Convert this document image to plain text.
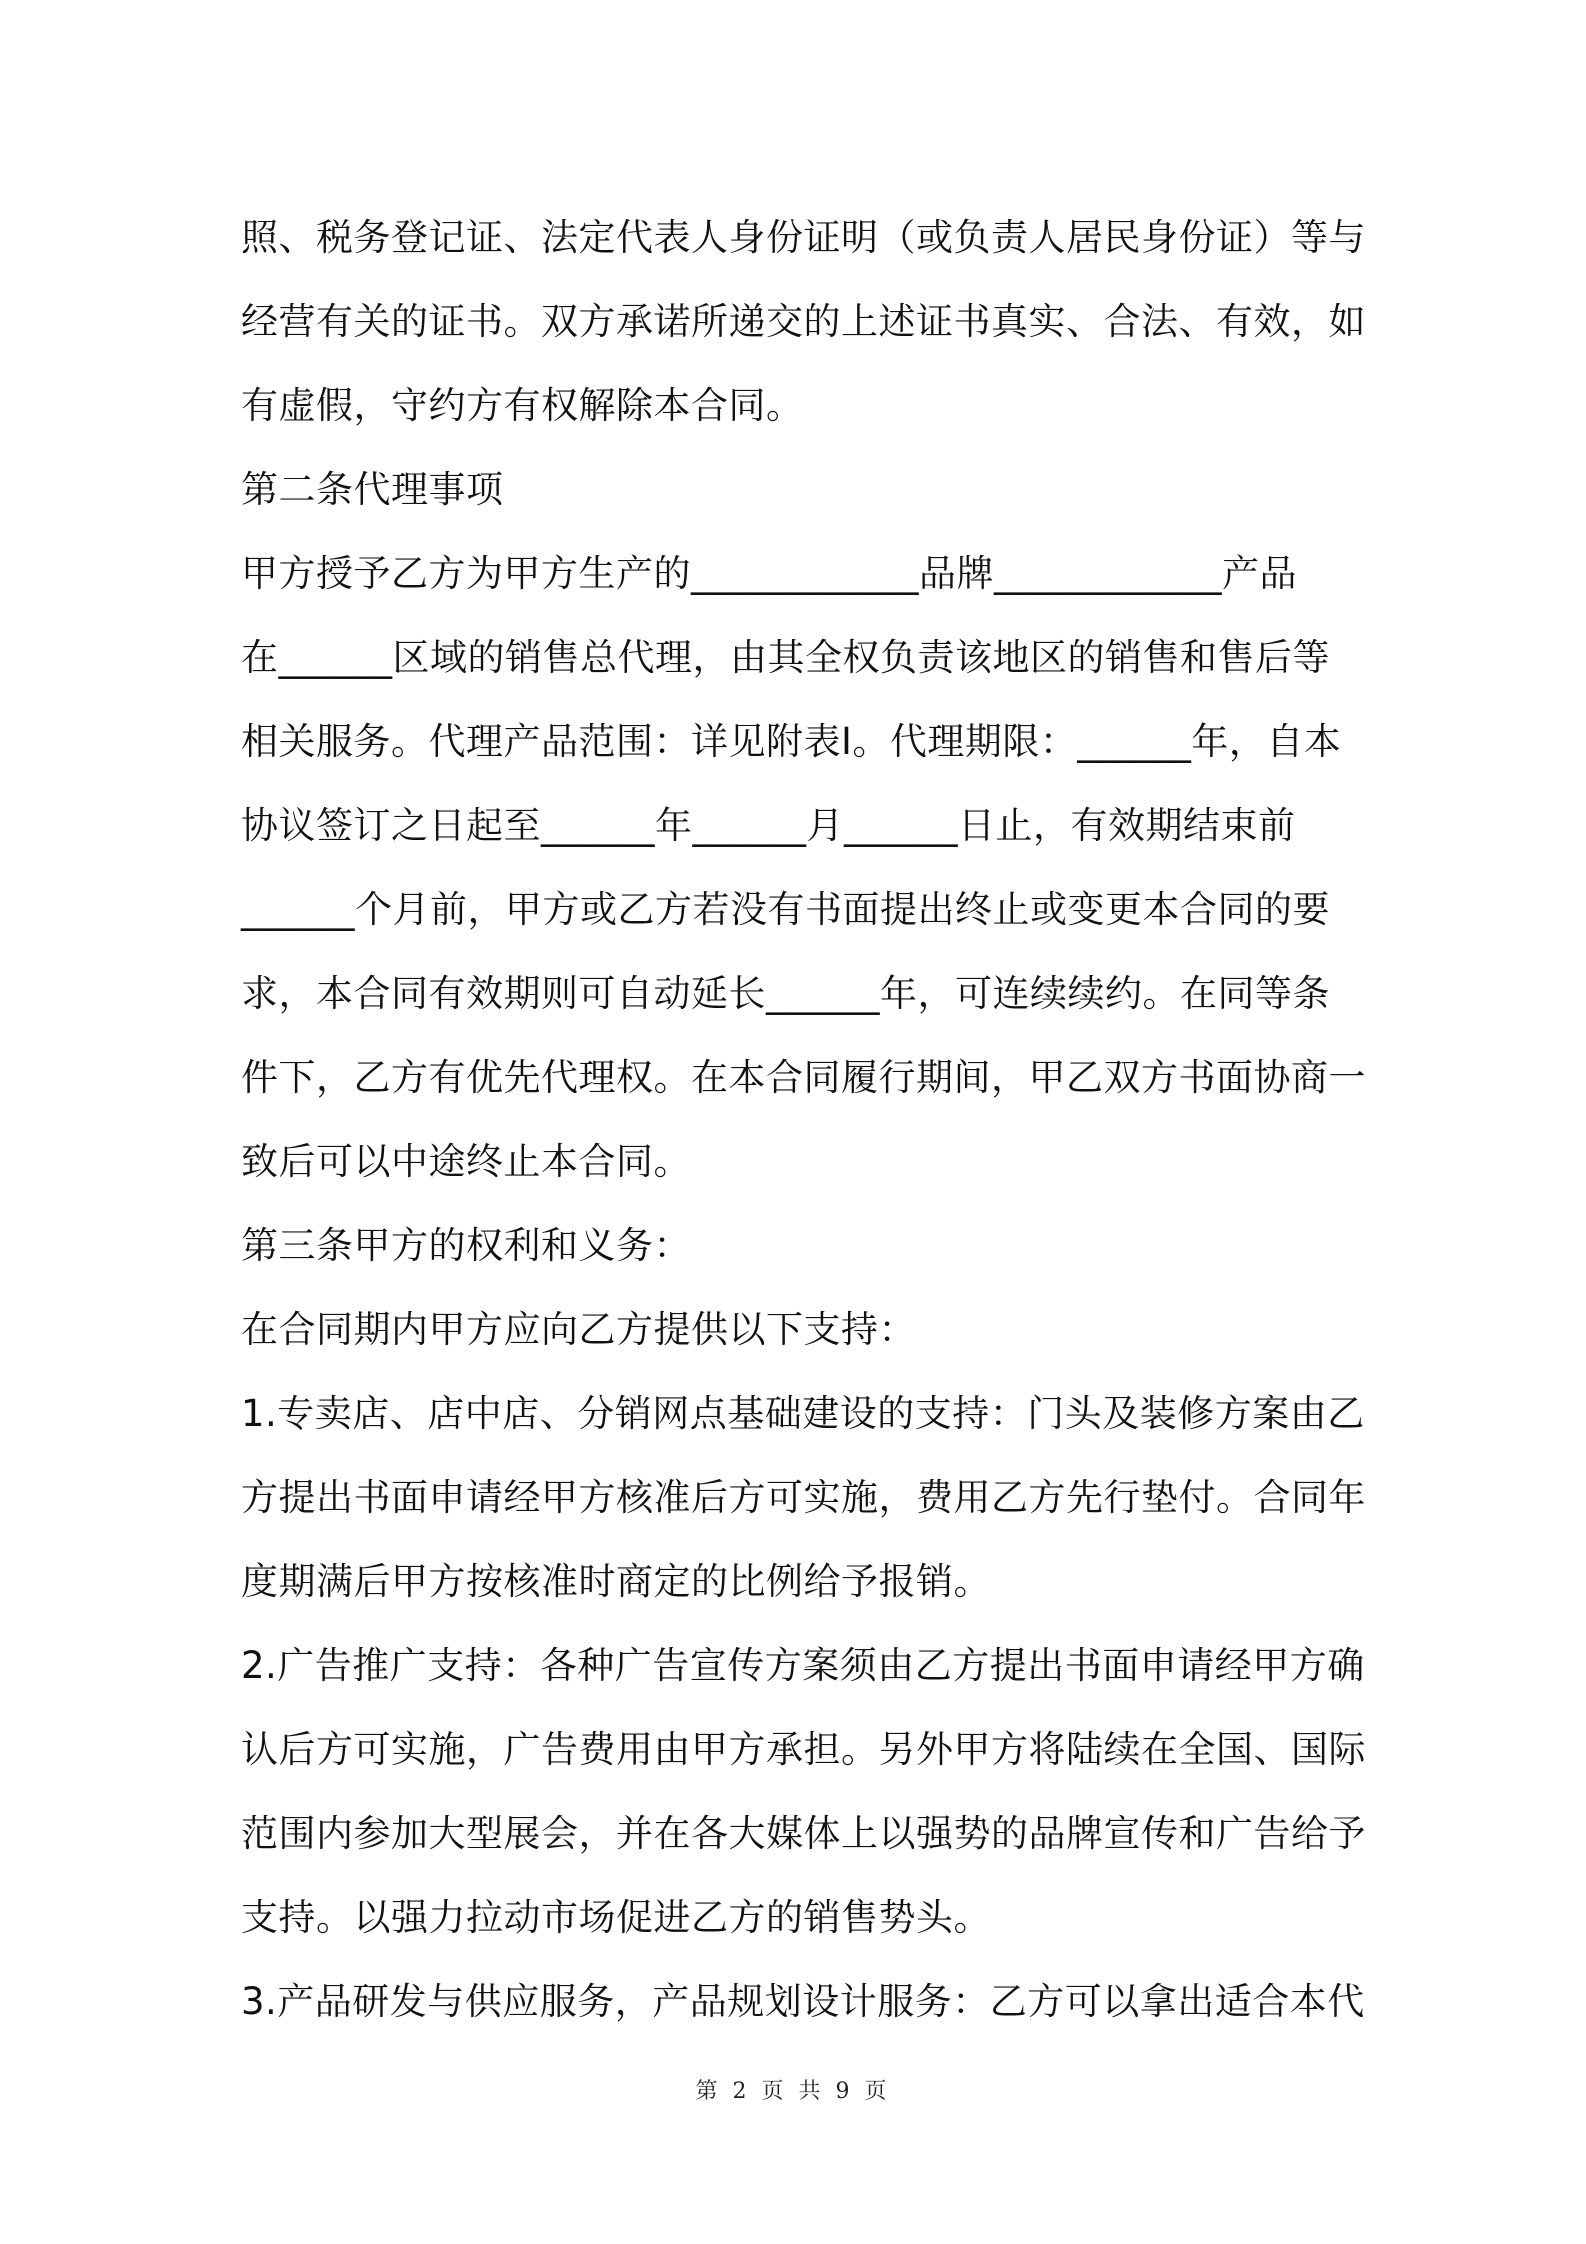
照、税务登记证、法定代表人身份证明（或负责人居民身份证）等与
经营有关的证书。双方承诺所递交的上述证书真实、合法、有效，如
有虚假，守约方有权解除本合同。
第二条代理事项
甲方授予乙方为甲方生产的____________品牌____________产品
在______区域的销售总代理，由其全权负责该地区的销售和售后等
相关服务。代理产品范围：详见附表I。代理期限：______年，自本
协议签订之日起至______年______月______日止，有效期结束前
______个月前，甲方或乙方若没有书面提出终止或变更本合同的要
求，本合同有效期则可自动延长______年，可连续续约。在同等条
件下，乙方有优先代理权。在本合同履行期间，甲乙双方书面协商一
致后可以中途终止本合同。
第三条甲方的权利和义务：
在合同期内甲方应向乙方提供以下支持：
1.专卖店、店中店、分销网点基础建设的支持：门头及装修方案由乙
方提出书面申请经甲方核准后方可实施，费用乙方先行垫付。合同年
度期满后甲方按核准时商定的比例给予报销。
2.广告推广支持：各种广告宣传方案须由乙方提出书面申请经甲方确
认后方可实施，广告费用由甲方承担。另外甲方将陆续在全国、国际
范围内参加大型展会，并在各大媒体上以强势的品牌宣传和广告给予
支持。以强力拉动市场促进乙方的销售势头。
3.产品研发与供应服务，产品规划设计服务：乙方可以拿出适合本代
第 2 页 共 9 页
